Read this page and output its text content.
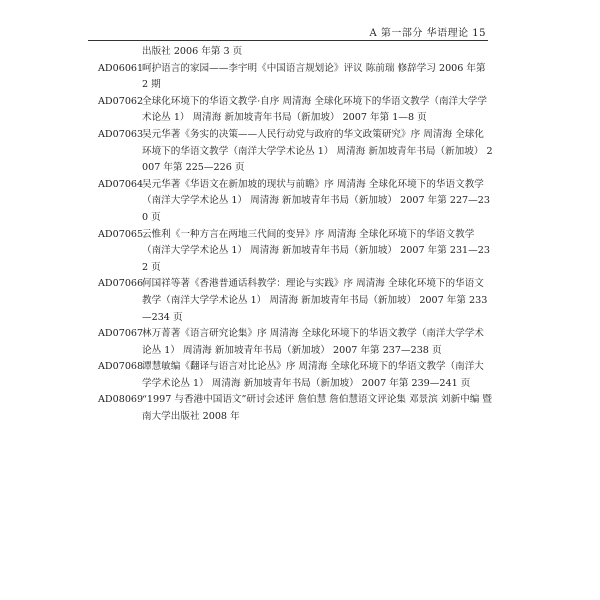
A 第一部分 华语理论 15
出版社 2006 年第 3 页
AD06061
呵护语言的家园——李宇明《中国语言规划论》评议 陈前瑞 修辞学习 2006 年第 2 期
AD07062
全球化环境下的华语文教学·自序 周清海 全球化环境下的华语文教学（南洋大学学术论丛 1） 周清海 新加坡青年书局（新加坡） 2007 年第 1—8 页
AD07063
吴元华著《务实的决策——人民行动党与政府的华文政策研究》序 周清海 全球化环境下的华语文教学（南洋大学学术论丛 1） 周清海 新加坡青年书局（新加坡） 2007 年第 225—226 页
AD07064
吴元华著《华语文在新加坡的现状与前瞻》序 周清海 全球化环境下的华语文教学（南洋大学学术论丛 1） 周清海 新加坡青年书局（新加坡） 2007 年第 227—230 页
AD07065
云惟利《一种方言在两地三代间的变异》序 周清海 全球化环境下的华语文教学（南洋大学学术论丛 1） 周清海 新加坡青年书局（新加坡） 2007 年第 231—232 页
AD07066
何国祥等著《香港普通话科教学：理论与实践》序 周清海 全球化环境下的华语文教学（南洋大学学术论丛 1） 周清海 新加坡青年书局（新加坡） 2007 年第 233—234 页
AD07067
林万菁著《语言研究论集》序 周清海 全球化环境下的华语文教学（南洋大学学术论丛 1） 周清海 新加坡青年书局（新加坡） 2007 年第 237—238 页
AD07068
谭慧敏编《翻译与语言对比论丛》序 周清海 全球化环境下的华语文教学（南洋大学学术论丛 1） 周清海 新加坡青年书局（新加坡） 2007 年第 239—241 页
AD08069
“1997 与香港中国语文”研讨会述评 詹伯慧 詹伯慧语文评论集 邓景滨 刘新中编 暨南大学出版社 2008 年
